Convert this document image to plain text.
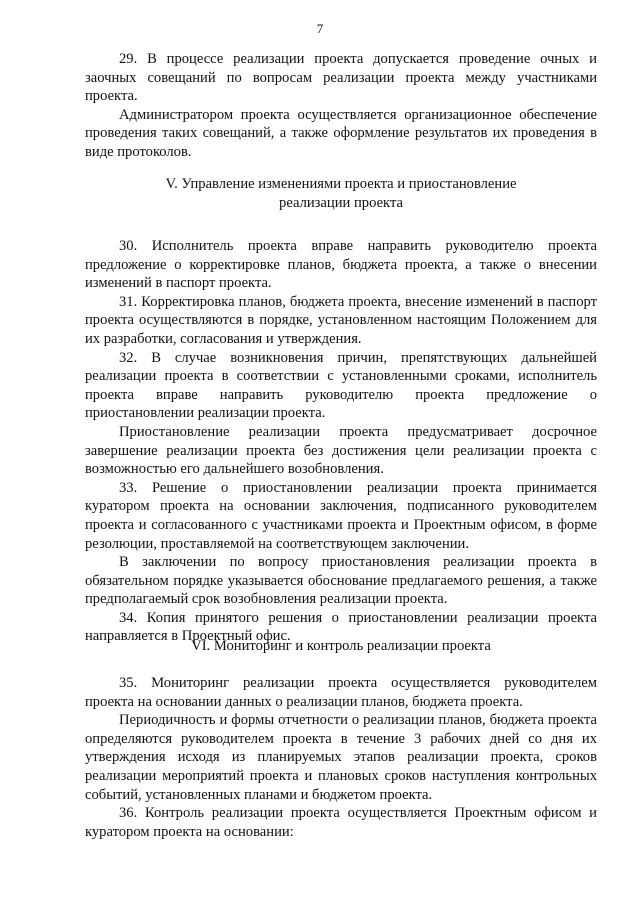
7

29. В процессе реализации проекта допускается проведение очных и заочных совещаний по вопросам реализации проекта между участниками проекта.

Администратором проекта осуществляется организационное обеспечение проведения таких совещаний, а также оформление результатов их проведения в виде протоколов.

V. Управление изменениями проекта и приостановление

реализации проекта

30. Исполнитель проекта вправе направить руководителю проекта предложение о корректировке планов, бюджета проекта, а также о внесении изменений в паспорт проекта.

31. Корректировка планов, бюджета проекта, внесение изменений в паспорт проекта осуществляются в порядке, установленном настоящим Положением для их разработки, согласования и утверждения.

32. В случае возникновения причин, препятствующих дальнейшей реализации проекта в соответствии с установленными сроками, исполнитель проекта вправе направить руководителю проекта предложение о приостановлении реализации проекта.

Приостановление реализации проекта предусматривает досрочное завершение реализации проекта без достижения цели реализации проекта с возможностью его дальнейшего возобновления.

33. Решение о приостановлении реализации проекта принимается куратором проекта на основании заключения, подписанного руководителем проекта и согласованного с участниками проекта и Проектным офисом, в форме резолюции, проставляемой на соответствующем заключении.

В заключении по вопросу приостановления реализации проекта в обязательном порядке указывается обоснование предлагаемого решения, а также предполагаемый срок возобновления реализации проекта.

34. Копия принятого решения о приостановлении реализации проекта направляется в Проектный офис.

VI. Мониторинг и контроль реализации проекта

35. Мониторинг реализации проекта осуществляется руководителем проекта на основании данных о реализации планов, бюджета проекта.

Периодичность и формы отчетности о реализации планов, бюджета проекта определяются руководителем проекта в течение 3 рабочих дней со дня их утверждения исходя из планируемых этапов реализации проекта, сроков реализации мероприятий проекта и плановых сроков наступления контрольных событий, установленных планами и бюджетом проекта.

36. Контроль реализации проекта осуществляется Проектным офисом и куратором проекта на основании:
